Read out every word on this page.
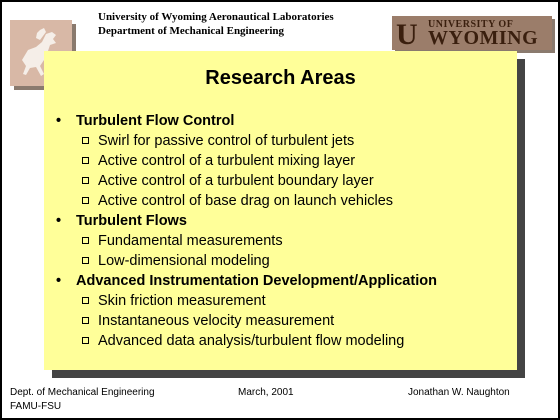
University of Wyoming Aeronautical Laboratories
Department of Mechanical Engineering	U UNIVERSITY OF
WYOMING
Research Areas
• Turbulent Flow Control
Swirl for passive control of turbulent jets
Active control of a turbulent mixing layer
Active control of a turbulent boundary layer
Active control of base drag on launch vehicles
• Turbulent Flows
Fundamental measurements
Low-dimensional modeling
• Advanced Instrumentation Development/Application
Skin friction measurement
Instantaneous velocity measurement
Advanced data analysis/turbulent flow modeling
Dept. of Mechanical Engineering
FAMU-FSU
March, 2001	Jonathan W. Naughton
